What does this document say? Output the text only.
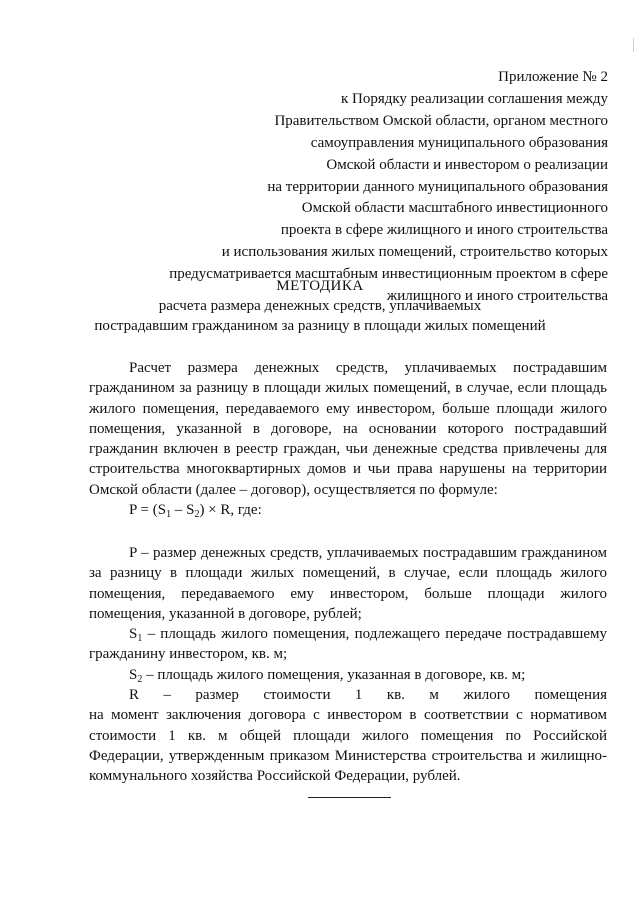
Приложение № 2
к Порядку реализации соглашения между
Правительством Омской области, органом местного
самоуправления муниципального образования
Омской области и инвестором о реализации
на территории данного муниципального образования
Омской области масштабного инвестиционного
проекта в сфере жилищного и иного строительства
и использования жилых помещений, строительство которых
предусматривается масштабным инвестиционным проектом в сфере
жилищного и иного строительства
МЕТОДИКА
расчета размера денежных средств, уплачиваемых
пострадавшим гражданином за разницу в площади жилых помещений

Расчет размера денежных средств, уплачиваемых пострадавшим гражданином за разницу в площади жилых помещений, в случае, если площадь жилого помещения, передаваемого ему инвестором, больше площади жилого помещения, указанной в договоре, на основании которого пострадавший гражданин включен в реестр граждан, чьи денежные средства привлечены для строительства многоквартирных домов и чьи права нарушены на территории Омской области (далее – договор), осуществляется по формуле:

$P = (S_1 - S_2) \times R$, где:

P – размер денежных средств, уплачиваемых пострадавшим гражданином за разницу в площади жилых помещений, в случае, если площадь жилого помещения, передаваемого ему инвестором, больше площади жилого помещения, указанной в договоре, рублей;

$S_1$ – площадь жилого помещения, подлежащего передаче пострадавшему гражданину инвестором, кв. м;

$S_2$ – площадь жилого помещения, указанная в договоре, кв. м;

R – размер стоимости 1 кв. м жилого помещения

на момент заключения договора с инвестором в соответствии с нормативом стоимости 1 кв. м общей площади жилого помещения по Российской Федерации, утвержденным приказом Министерства строительства и жилищно-коммунального хозяйства Российской Федерации, рублей.
